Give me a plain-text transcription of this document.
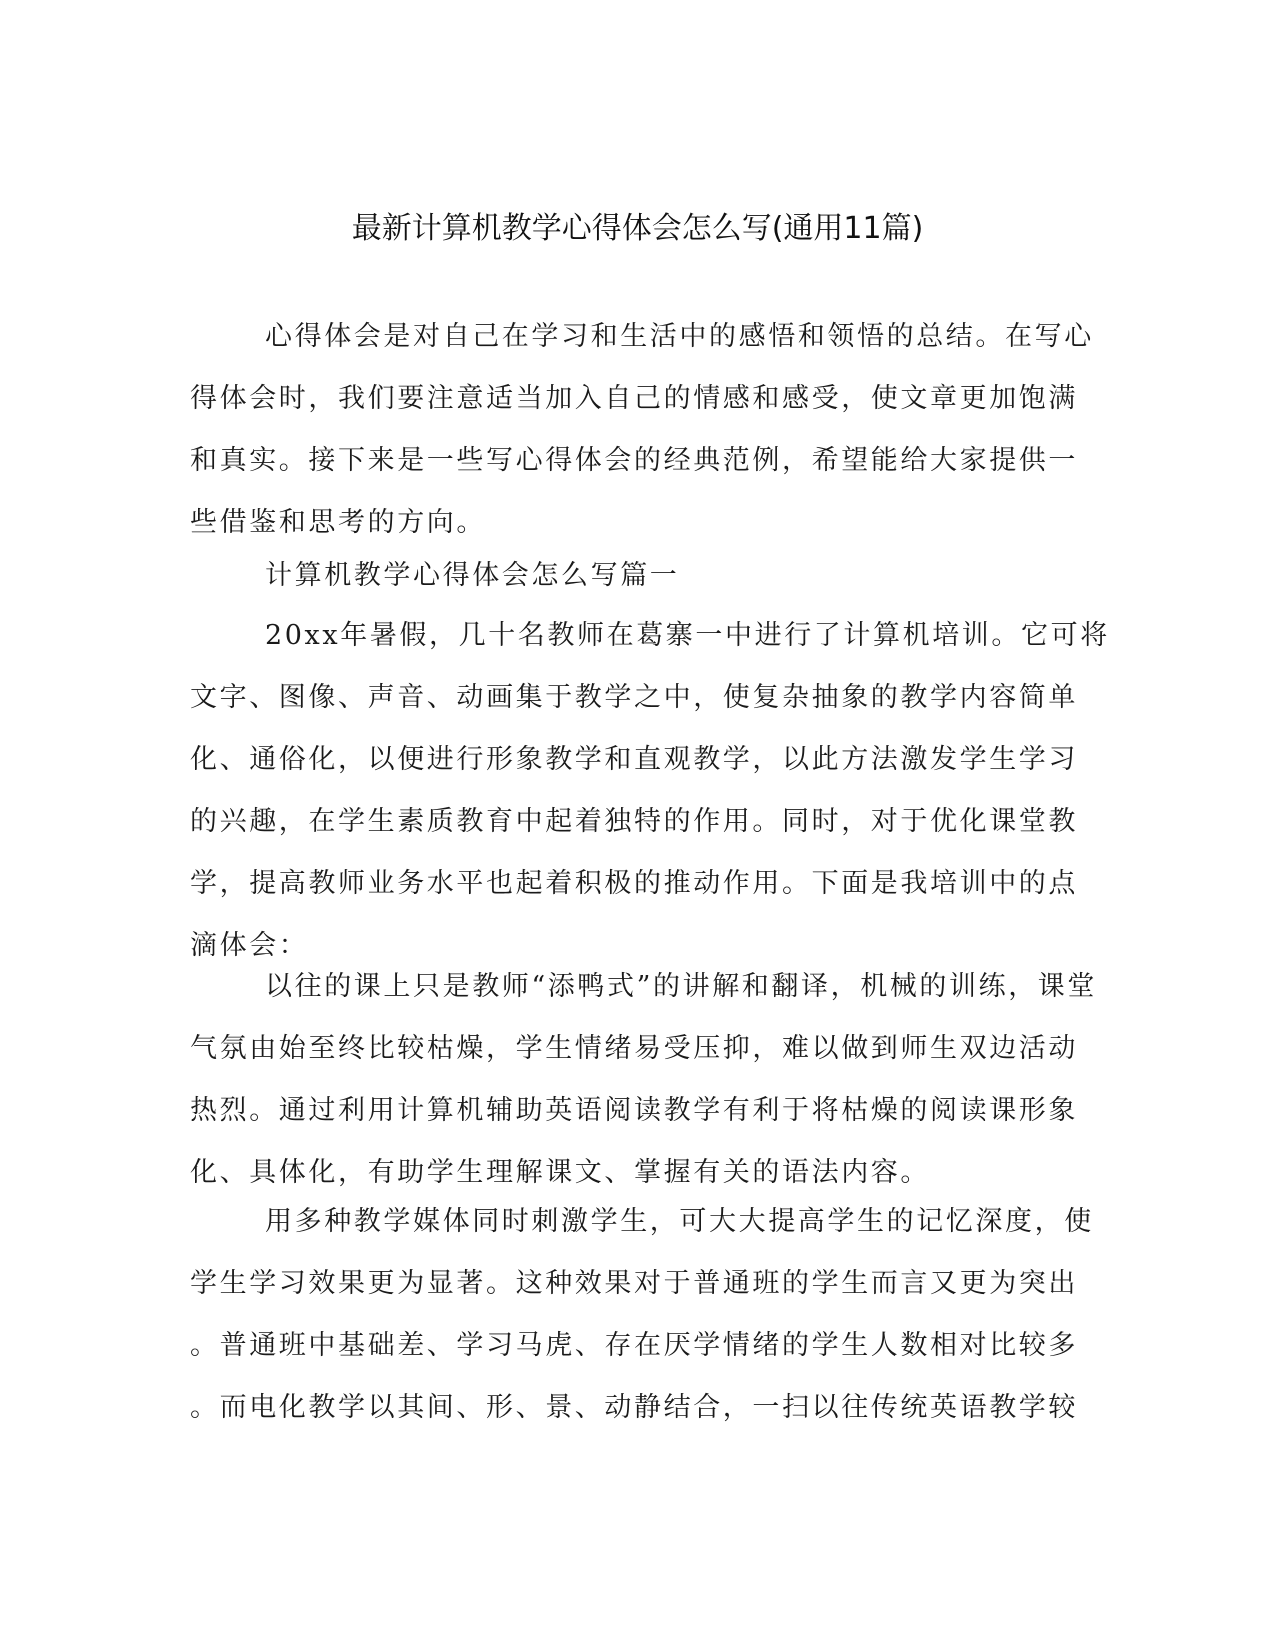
最新计算机教学心得体会怎么写(通用11篇)
心得体会是对自己在学习和生活中的感悟和领悟的总结。在写心
得体会时，我们要注意适当加入自己的情感和感受，使文章更加饱满
和真实。接下来是一些写心得体会的经典范例，希望能给大家提供一
些借鉴和思考的方向。
计算机教学心得体会怎么写篇一
20xx年暑假，几十名教师在葛寨一中进行了计算机培训。它可将
文字、图像、声音、动画集于教学之中，使复杂抽象的教学内容简单
化、通俗化，以便进行形象教学和直观教学，以此方法激发学生学习
的兴趣，在学生素质教育中起着独特的作用。同时，对于优化课堂教
学，提高教师业务水平也起着积极的推动作用。下面是我培训中的点
滴体会：
以往的课上只是教师“添鸭式”的讲解和翻译，机械的训练，课堂
气氛由始至终比较枯燥，学生情绪易受压抑，难以做到师生双边活动
热烈。通过利用计算机辅助英语阅读教学有利于将枯燥的阅读课形象
化、具体化，有助学生理解课文、掌握有关的语法内容。
用多种教学媒体同时刺激学生，可大大提高学生的记忆深度，使
学生学习效果更为显著。这种效果对于普通班的学生而言又更为突出
。普通班中基础差、学习马虎、存在厌学情绪的学生人数相对比较多
。而电化教学以其间、形、景、动静结合，一扫以往传统英语教学较
